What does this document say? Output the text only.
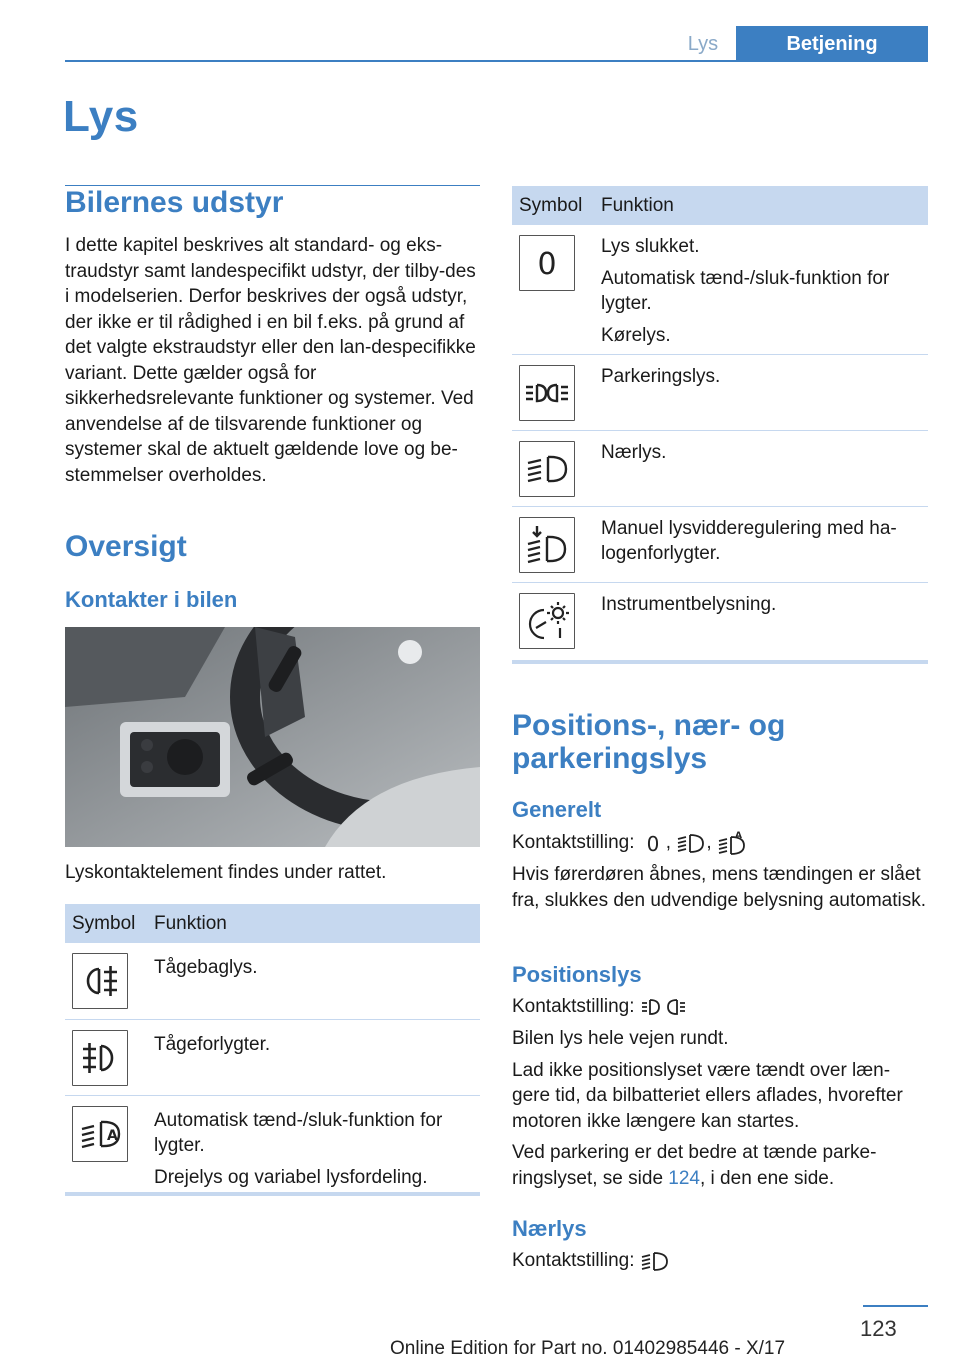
Lys	Betjening
Lys
Bilernes udstyr
I dette kapitel beskrives alt standard- og eks-traudstyr samt landespecifikt udstyr, der tilby-des i modelserien. Derfor beskrives der også udstyr, der ikke er til rådighed i en bil f.eks. på grund af det valgte ekstraudstyr eller den lan-despecifikke variant. Dette gælder også for sikkerhedsrelevante funktioner og systemer. Ved anvendelse af de tilsvarende funktioner og systemer skal de aktuelt gældende love og be-stemmelser overholdes.
Oversigt
Kontakter i bilen
Lyskontaktelement findes under rattet.
Symbol Funktion

Tågebaglys.

Tågeforlygter.

A

Automatisk tænd-/sluk-funktion for lygter.

Drejelys og variabel lysfordeling.

Symbol Funktion
0

Lys slukket.

Automatisk tænd-/sluk-funktion for lygter.

Kørelys.

Parkeringslys.

Nærlys.

Manuel lysvidderegulering med ha-logenforlygter.

Instrumentbelysning.

Positions-, nær- og parkeringslys
Generelt
Kontaktstilling: 0 , ,	A
Hvis førerdøren åbnes, mens tændingen er slået fra, slukkes den udvendige belysning automatisk.
Positionslys
Kontaktstilling:

Bilen lys hele vejen rundt.

Lad ikke positionslyset være tændt over læn-gere tid, da bilbatteriet ellers aflades, hvorefter motoren ikke længere kan startes.

Ved parkering er det bedre at tænde parke-ringslyset, se side 124, i den ene side.

Nærlys
Kontaktstilling:
123
Online Edition for Part no. 01402985446 - X/17
